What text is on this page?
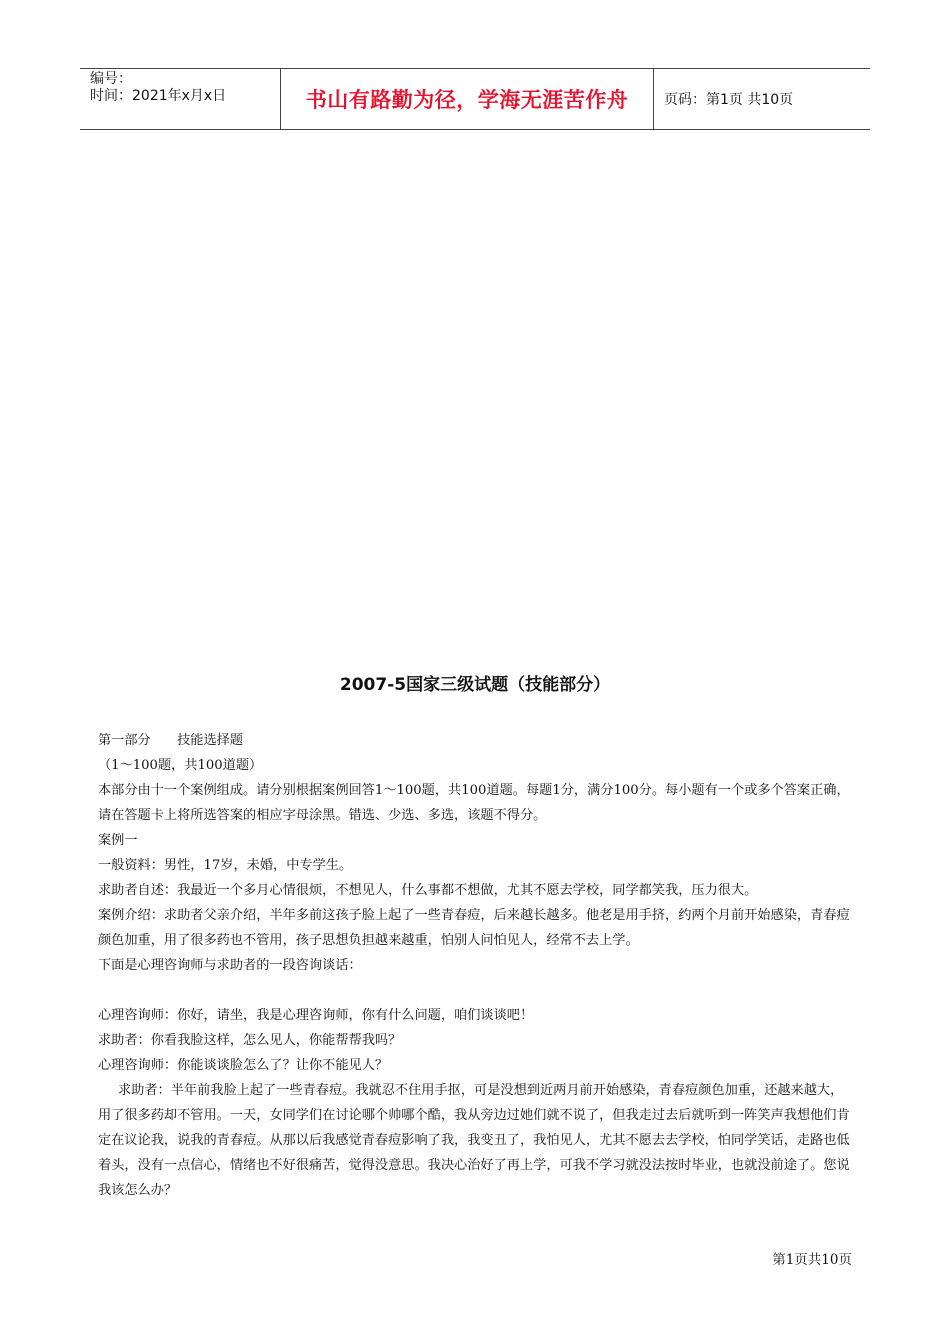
编号：
时间：2021年x月x日	书山有路勤为径，学海无涯苦作舟	页码：第1页 共10页
2007-5国家三级试题（技能部分）

第一部分　　技能选择题

（1～100题，共100道题）

本部分由十一个案例组成。请分别根据案例回答1～100题，共100道题。每题1分，满分100分。每小题有一个或多个答案正确，请在答题卡上将所选答案的相应字母涂黑。错选、少选、多选，该题不得分。

案例一

一般资料：男性，17岁，未婚，中专学生。

求助者自述：我最近一个多月心情很烦，不想见人，什么事都不想做，尤其不愿去学校，同学都笑我，压力很大。

案例介绍：求助者父亲介绍，半年多前这孩子脸上起了一些青春痘，后来越长越多。他老是用手挤，约两个月前开始感染，青春痘颜色加重，用了很多药也不管用，孩子思想负担越来越重，怕别人问怕见人，经常不去上学。

下面是心理咨询师与求助者的一段咨询谈话：

心理咨询师：你好，请坐，我是心理咨询师，你有什么问题，咱们谈谈吧！

求助者：你看我脸这样，怎么见人，你能帮帮我吗？

心理咨询师：你能谈谈脸怎么了？让你不能见人？

求助者：半年前我脸上起了一些青春痘。我就忍不住用手抠，可是没想到近两月前开始感染，青春痘颜色加重，还越来越大，用了很多药却不管用。一天，女同学们在讨论哪个帅哪个酷，我从旁边过她们就不说了，但我走过去后就听到一阵笑声我想他们肯定在议论我，说我的青春痘。从那以后我感觉青春痘影响了我，我变丑了，我怕见人，尤其不愿去去学校，怕同学笑话，走路也低着头，没有一点信心，情绪也不好很痛苦，觉得没意思。我决心治好了再上学，可我不学习就没法按时毕业，也就没前途了。您说我该怎么办？

第1页共10页
